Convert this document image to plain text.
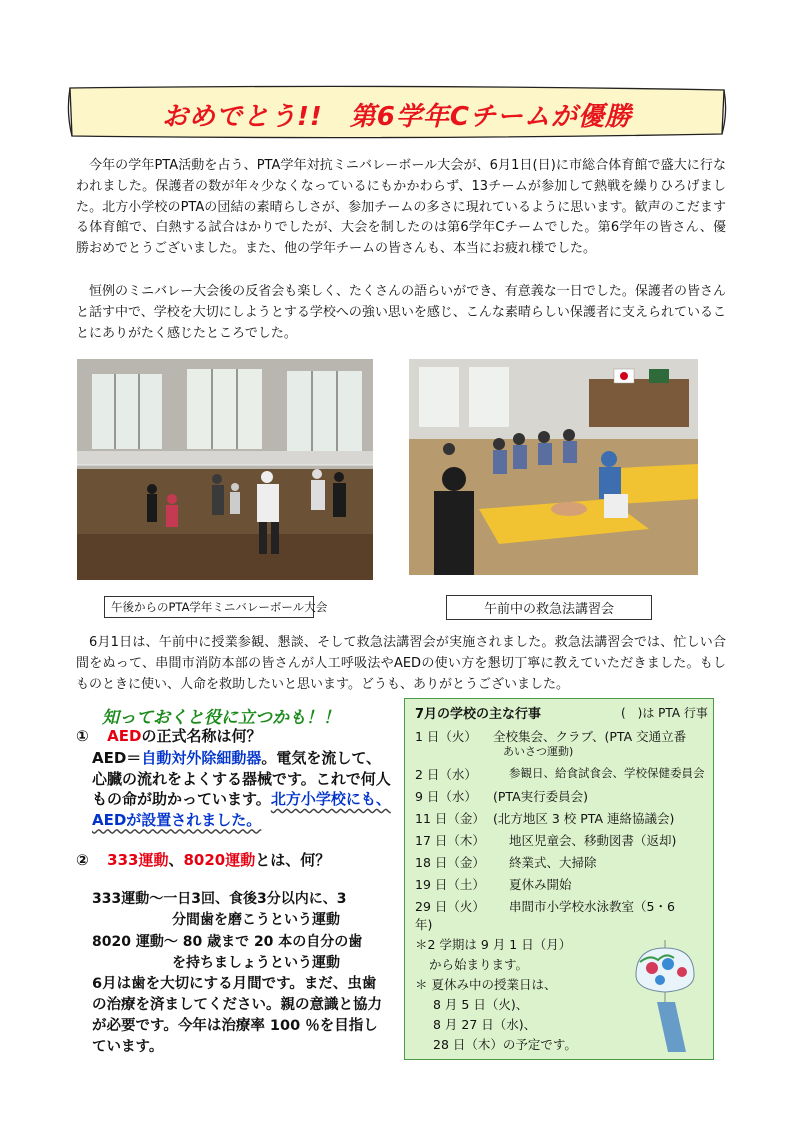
おめでとう!!　第6学年Cチームが優勝

今年の学年PTA活動を占う、PTA学年対抗ミニバレーボール大会が、6月1日(日)に市総合体育館で盛大に行なわれました。保護者の数が年々少なくなっているにもかかわらず、13チームが参加して熱戦を繰りひろげました。北方小学校のPTAの団結の素晴らしさが、参加チームの多さに現れているように思います。歓声のこだまする体育館で、白熱する試合はかりでしたが、大会を制したのは第6学年Cチームでした。第6学年の皆さん、優勝おめでとうございました。また、他の学年チームの皆さんも、本当にお疲れ様でした。

恒例のミニバレー大会後の反省会も楽しく、たくさんの語らいができ、有意義な一日でした。保護者の皆さんと話す中で、学校を大切にしようとする学校への強い思いを感じ、こんな素晴らしい保護者に支えられていることにありがたく感じたところでした。

午後からのPTA学年ミニバレーボール大会	午前中の救急法講習会

6月1日は、午前中に授業参観、懇談、そして救急法講習会が実施されました。救急法講習会では、忙しい合間をぬって、串間市消防本部の皆さんが人工呼吸法やAEDの使い方を懇切丁寧に教えていただきました。もしものときに使い、人命を救助したいと思います。どうも、ありがとうございました。

知っておくと役に立つかも！！
① AEDの正式名称は何？
AED＝自動対外除細動器。電気を流して、心臓の流れをよくする器械です。これで何人もの命が助かっています。北方小学校にも、AEDが設置されました。
② 333運動、8020運動とは、何？
333運動～一日3回、食後3分以内に、3
分間歯を磨こうという運動
8020 運動～ 80 歳まで 20 本の自分の歯
を持ちましょうという運動
6月は歯を大切にする月間です。まだ、虫歯の治療を済ましてください。親の意識と協力が必要です。今年は治療率 100 ％を目指しています。
7月の学校の主な行事	(　)は PTA 行事
1 日（火） 全校集会、クラブ、(PTA 交通立番
あいさつ運動)
2 日（水）	参観日、給食試食会、学校保健委員会
9 日（水） (PTA実行委員会)
11 日（金） (北方地区 3 校 PTA 連絡協議会)
17 日（木） 地区児童会、移動図書（返却)
18 日（金） 終業式、大掃除
19 日（土） 夏休み開始
29 日（火） 串間市小学校水泳教室（5・6
年)
＊2 学期は 9 月 1 日（月）
から始まります。
＊ 夏休み中の授業日は、
8 月 5 日（火)、
8 月 27 日（水)、
28 日（木）の予定です。
